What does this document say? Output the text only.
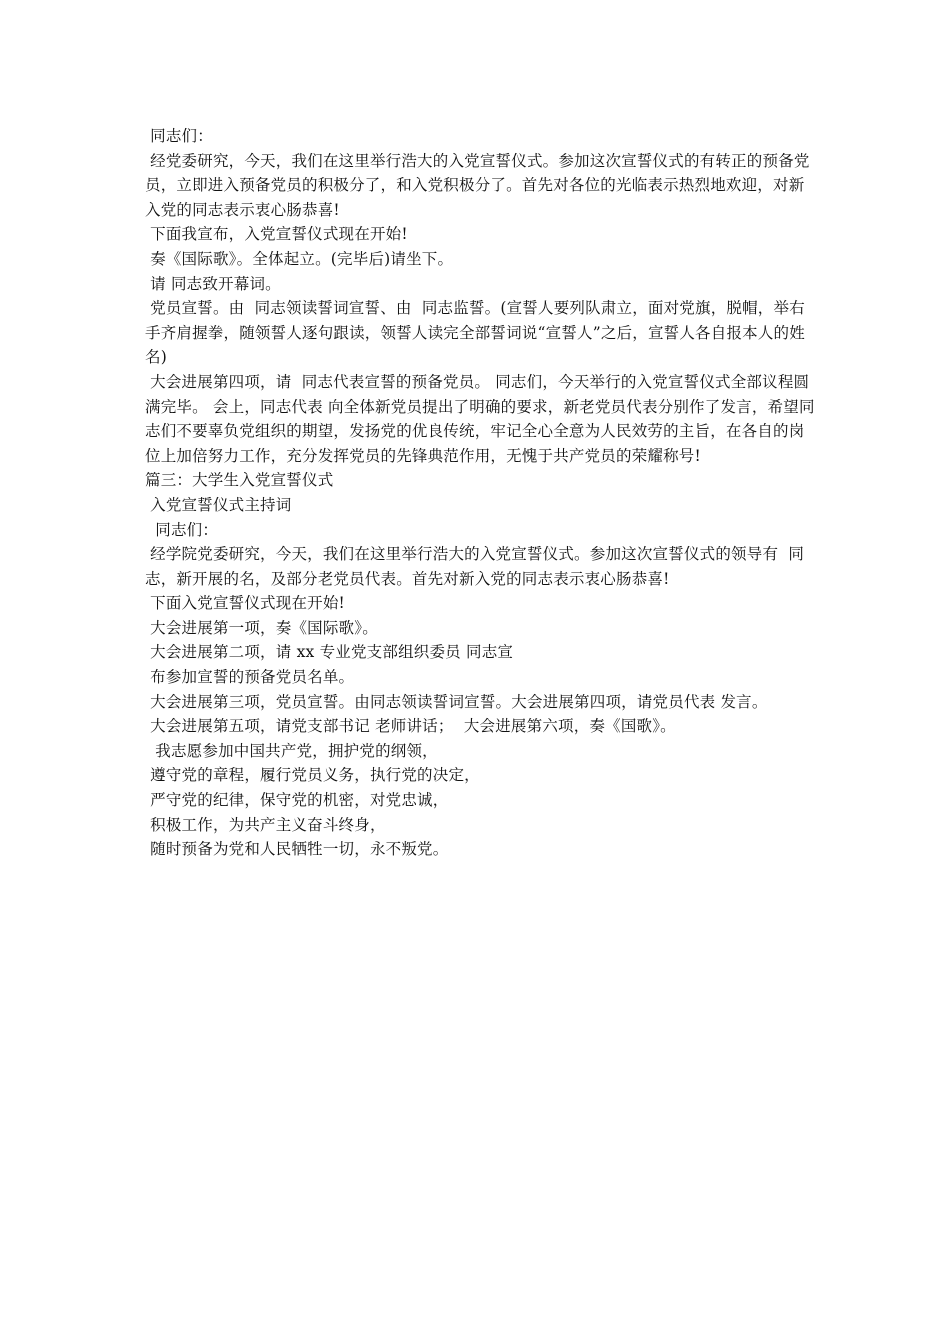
同志们：

经党委研究，今天，我们在这里举行浩大的入党宣誓仪式。参加这次宣誓仪式的有转正的预备党员，立即进入预备党员的积极分了，和入党积极分了。首先对各位的光临表示热烈地欢迎，对新入党的同志表示衷心肠恭喜!

下面我宣布，入党宣誓仪式现在开始!

奏《国际歌》。全体起立。(完毕后)请坐下。

请 同志致开幕词。

党员宣誓。由  同志领读誓词宣誓、由  同志监誓。(宣誓人要列队肃立，面对党旗，脱帽，举右手齐肩握拳，随领誓人逐句跟读，领誓人读完全部誓词说“宣誓人”之后，宣誓人各自报本人的姓名)

大会进展第四项，请  同志代表宣誓的预备党员。 同志们，今天举行的入党宣誓仪式全部议程圆满完毕。 会上，同志代表 向全体新党员提出了明确的要求，新老党员代表分别作了发言，希望同志们不要辜负党组织的期望，发扬党的优良传统，牢记全心全意为人民效劳的主旨，在各自的岗位上加倍努力工作，充分发挥党员的先锋典范作用，无愧于共产党员的荣耀称号!

篇三：大学生入党宣誓仪式

入党宣誓仪式主持词

同志们：

经学院党委研究，今天，我们在这里举行浩大的入党宣誓仪式。参加这次宣誓仪式的领导有  同志，新开展的名，及部分老党员代表。首先对新入党的同志表示衷心肠恭喜!

下面入党宣誓仪式现在开始!

大会进展第一项，奏《国际歌》。

大会进展第二项，请 xx 专业党支部组织委员 同志宣

布参加宣誓的预备党员名单。

大会进展第三项，党员宣誓。由同志领读誓词宣誓。大会进展第四项，请党员代表 发言。

大会进展第五项，请党支部书记 老师讲话；  大会进展第六项，奏《国歌》。

我志愿参加中国共产党，拥护党的纲领，

遵守党的章程，履行党员义务，执行党的决定，

严守党的纪律，保守党的机密，对党忠诚，

积极工作，为共产主义奋斗终身，

随时预备为党和人民牺牲一切，永不叛党。
